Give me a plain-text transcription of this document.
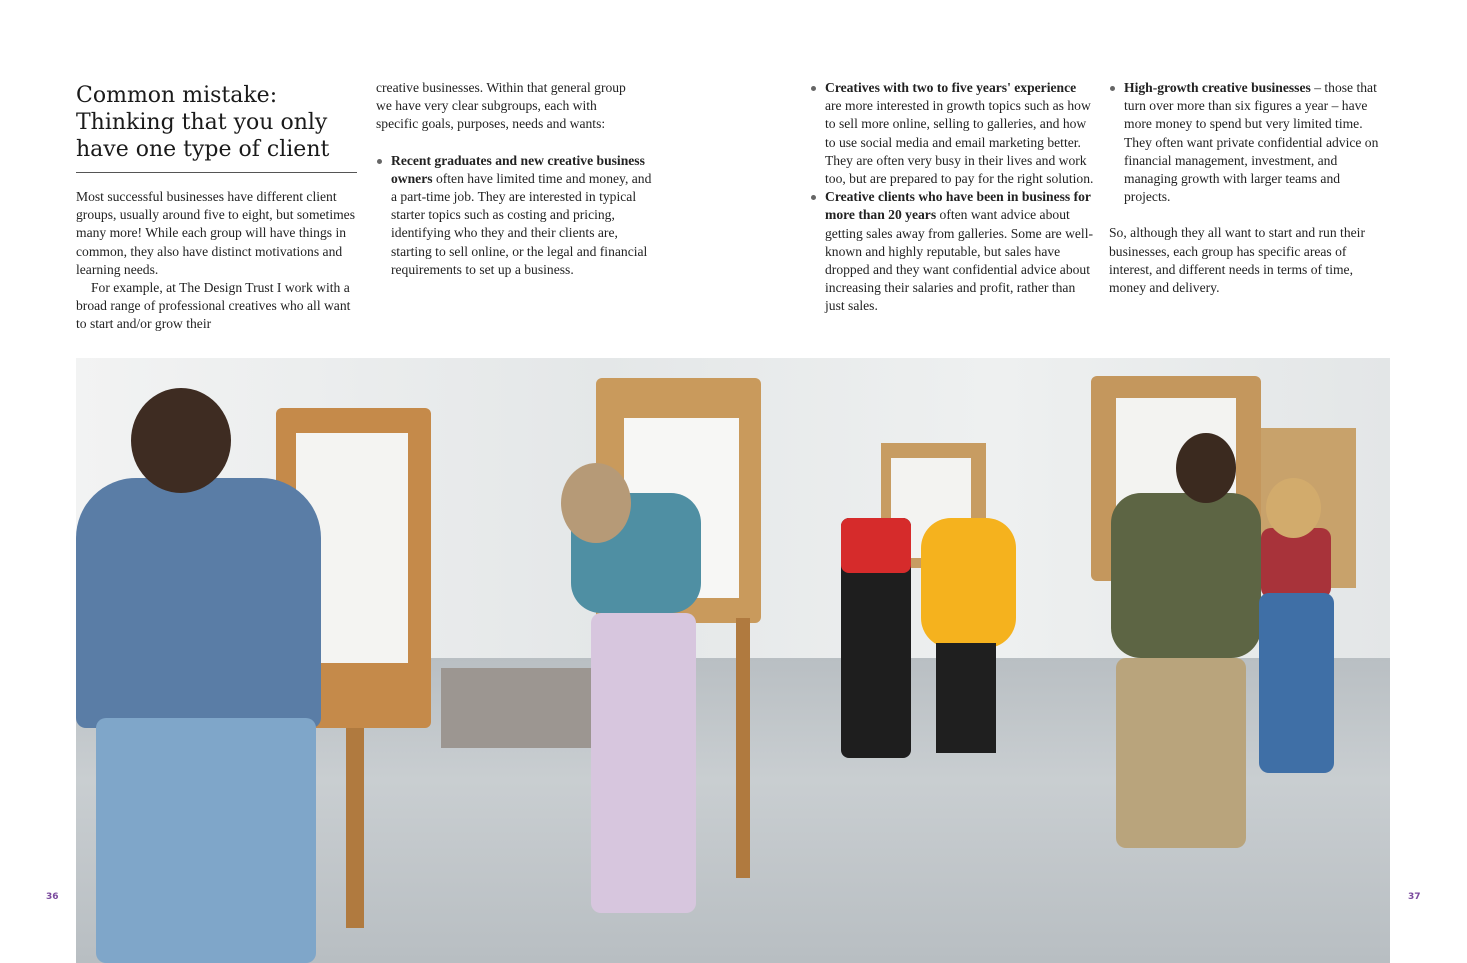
Common mistake:
Thinking that you only
have one type of client

Most successful businesses have different client groups, usually around five to eight, but sometimes many more! While each group will have things in common, they also have distinct motivations and learning needs.

For example, at The Design Trust I work with a broad range of professional creatives who all want to start and/or grow their

creative businesses. Within that general group we have very clear subgroups, each with specific goals, purposes, needs and wants:

Recent graduates and new creative business owners often have limited time and money, and a part-time job. They are interested in typical starter topics such as costing and pricing, identifying who they and their clients are, starting to sell online, or the legal and financial requirements to set up a business.
Creatives with two to five years' experience are more interested in growth topics such as how to sell more online, selling to galleries, and how to use social media and email marketing better. They are often very busy in their lives and work too, but are prepared to pay for the right solution.
Creative clients who have been in business for more than 20 years often want advice about getting sales away from galleries. Some are well-known and highly reputable, but sales have dropped and they want confidential advice about increasing their salaries and profit, rather than just sales.
High-growth creative businesses – those that turn over more than six figures a year – have more money to spend but very limited time. They often want private confidential advice on financial management, investment, and managing growth with larger teams and projects.

So, although they all want to start and run their businesses, each group has specific areas of interest, and different needs in terms of time, money and delivery.

36	37
